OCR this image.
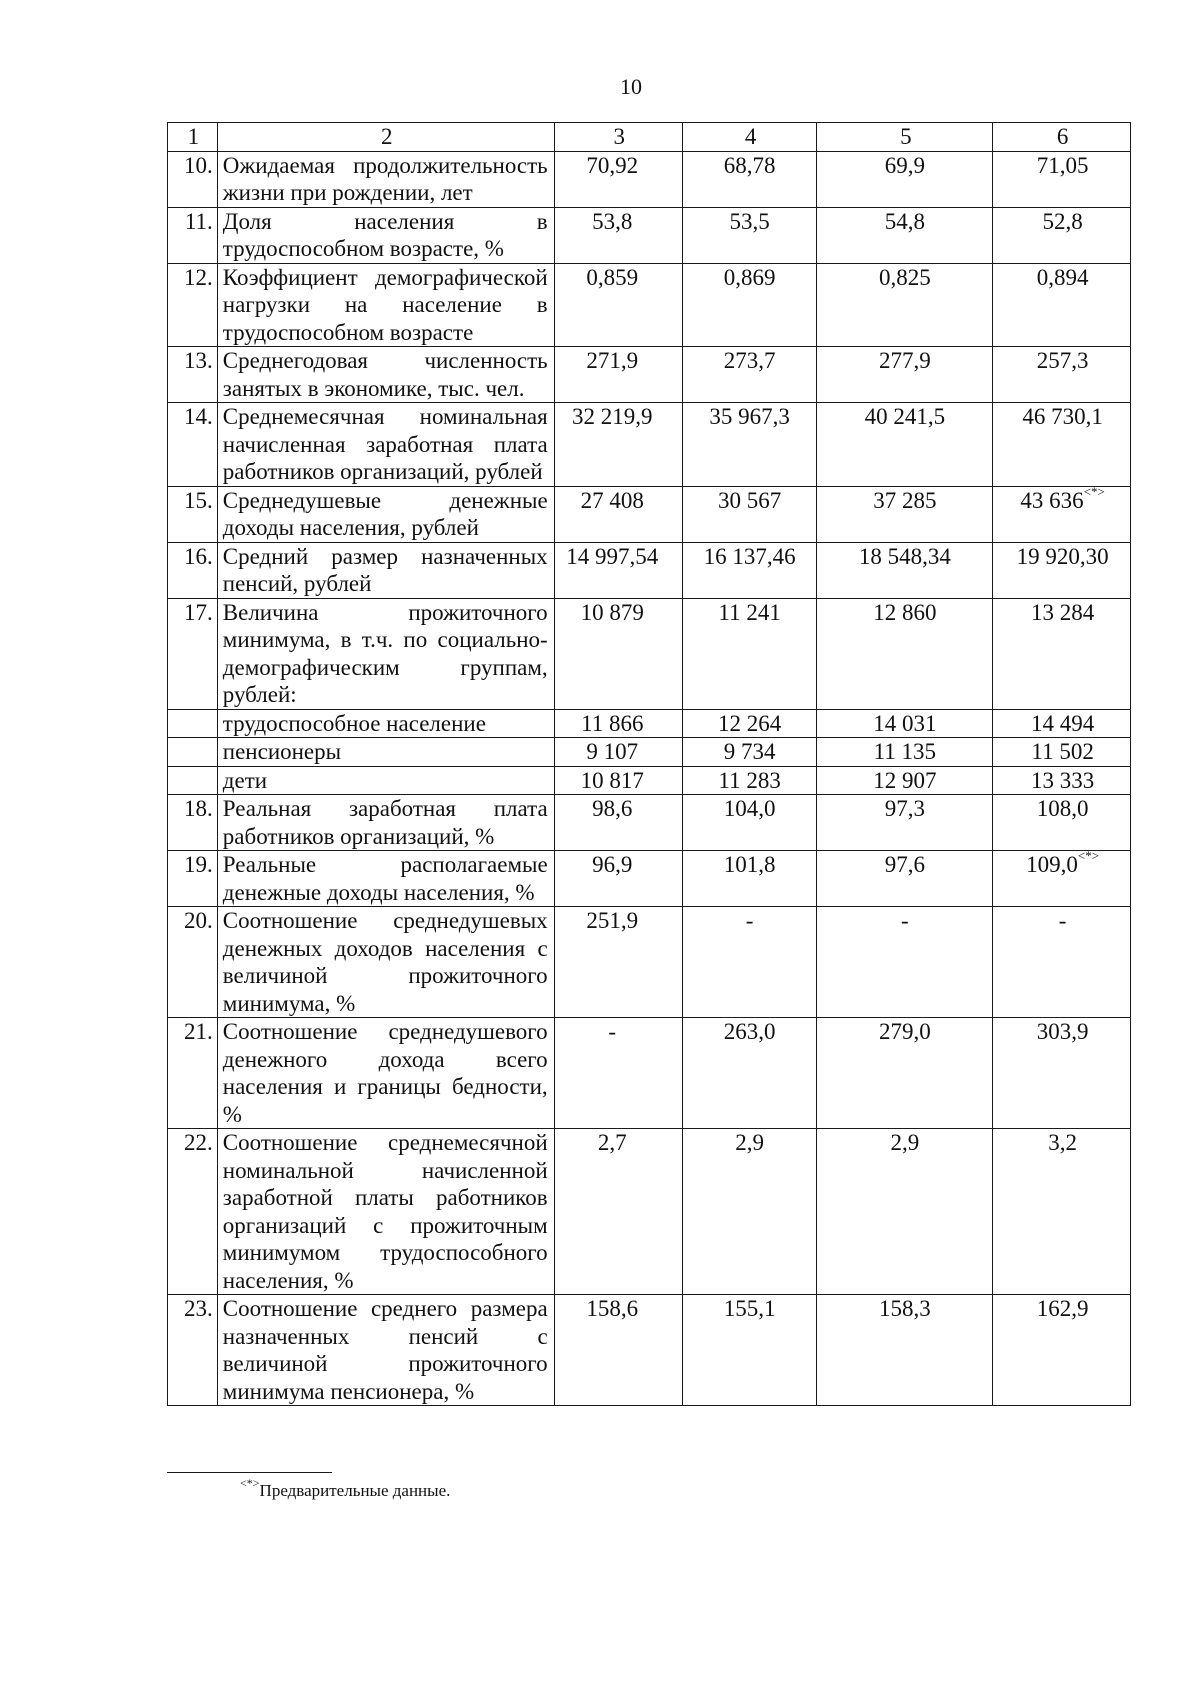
10
1	2	3	4	5	6
10.	Ожидаемая продолжительность жизни при рождении, лет	70,92	68,78	69,9	71,05
11.	Доля населения в трудоспособном возрасте, %	53,8	53,5	54,8	52,8
12.	Коэффициент демографической нагрузки на население в трудоспособном возрасте	0,859	0,869	0,825	0,894
13.	Среднегодовая численность занятых в экономике, тыс. чел.	271,9	273,7	277,9	257,3
14.	Среднемесячная номинальная начисленная заработная плата работников организаций, рублей	32 219,9	35 967,3	40 241,5	46 730,1
15.	Среднедушевые денежные доходы населения, рублей	27 408	30 567	37 285	43 636<*>
16.	Средний размер назначенных пенсий, рублей	14 997,54	16 137,46	18 548,34	19 920,30
17.	Величина прожиточного минимума, в т.ч. по социально-демографическим группам, рублей:	10 879	11 241	12 860	13 284
	трудоспособное население	11 866	12 264	14 031	14 494
	пенсионеры	9 107	9 734	11 135	11 502
	дети	10 817	11 283	12 907	13 333
18.	Реальная заработная плата работников организаций, %	98,6	104,0	97,3	108,0
19.	Реальные располагаемые денежные доходы населения, %	96,9	101,8	97,6	109,0<*>
20.	Соотношение среднедушевых денежных доходов населения с величиной прожиточного минимума, %	251,9	-	-	-
21.	Соотношение среднедушевого денежного дохода всего населения и границы бедности, %	-	263,0	279,0	303,9
22.	Соотношение среднемесячной номинальной начисленной заработной платы работников организаций с прожиточным минимумом трудоспособного населения, %	2,7	2,9	2,9	3,2
23.	Соотношение среднего размера назначенных пенсий с величиной прожиточного минимума пенсионера, %	158,6	155,1	158,3	162,9
<*>Предварительные данные.
